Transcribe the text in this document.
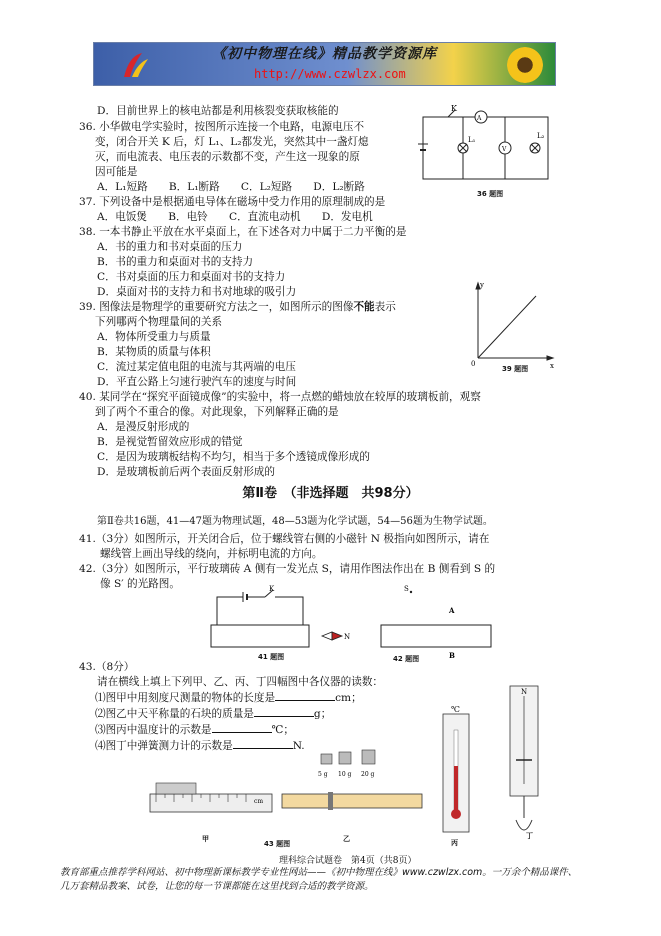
《初中物理在线》精品教学资源库
http://www.czwlzx.com
D．目前世界上的核电站都是利用核裂变获取核能的
36. 小华做电学实验时，按图所示连接一个电路，电源电压不
变，闭合开关 K 后，灯 L₁、L₂都发光，突然其中一盏灯熄
灭，而电流表、电压表的示数都不变，产生这一现象的原
因可能是
A．L₁短路　　B．L₁断路　　C．L₂短路　　D．L₂断路
K
L₁
A
V
L₂
36 题图
37. 下列设备中是根据通电导体在磁场中受力作用的原理制成的是
A．电饭煲　　B．电铃　　C．直流电动机　　D．发电机
38. 一本书静止平放在水平桌面上，在下述各对力中属于二力平衡的是
A．书的重力和书对桌面的压力
B．书的重力和桌面对书的支持力
C．书对桌面的压力和桌面对书的支持力
D．桌面对书的支持力和书对地球的吸引力
39. 图像法是物理学的重要研究方法之一，如图所示的图像不能表示
下列哪两个物理量间的关系
A．物体所受重力与质量
B．某物质的质量与体积
C．流过某定值电阻的电流与其两端的电压
D．平直公路上匀速行驶汽车的速度与时间
y
x
0
39 题图
40. 某同学在“探究平面镜成像”的实验中，将一点燃的蜡烛放在较厚的玻璃板前，观察
到了两个不重合的像。对此现象，下列解释正确的是
A．是漫反射形成的
B．是视觉暂留效应形成的错觉
C．是因为玻璃板结构不均匀，相当于多个透镜成像形成的
D．是玻璃板前后两个表面反射形成的
第Ⅱ卷　（非选择题　共98分）
第Ⅱ卷共16题，41—47题为物理试题，48—53题为化学试题，54—56题为生物学试题。
41.（3分）如图所示，开关闭合后，位于螺线管右侧的小磁针 N 极指向如图所示，请在
螺线管上画出导线的绕向，并标明电流的方向。
42.（3分）如图所示，平行玻璃砖 A 侧有一发光点 S，请用作图法作出在 B 侧看到 S 的
像 S′ 的光路图。	K
N
41 题图
S
A
B
42 题图
43.（8分）
请在横线上填上下列甲、乙、丙、丁四幅图中各仪器的读数：
⑴图甲中用刻度尺测量的物体的长度是	cm；
⑵图乙中天平称量的石块的质量是	g；
⑶图丙中温度计的示数是	℃；
⑷图丁中弹簧测力计的示数是	N.
cm
5 g 10 g 20 g
℃
N
甲
43 题图
乙	丙
丁
理科综合试题卷　第4页（共8页）
教育部重点推荐学科网站、初中物理新课标教学专业性网站——《初中物理在线》www.czwlzx.com。一万余个精品课件、
几万套精品教案、试卷，让您的每一节课都能在这里找到合适的教学资源。
